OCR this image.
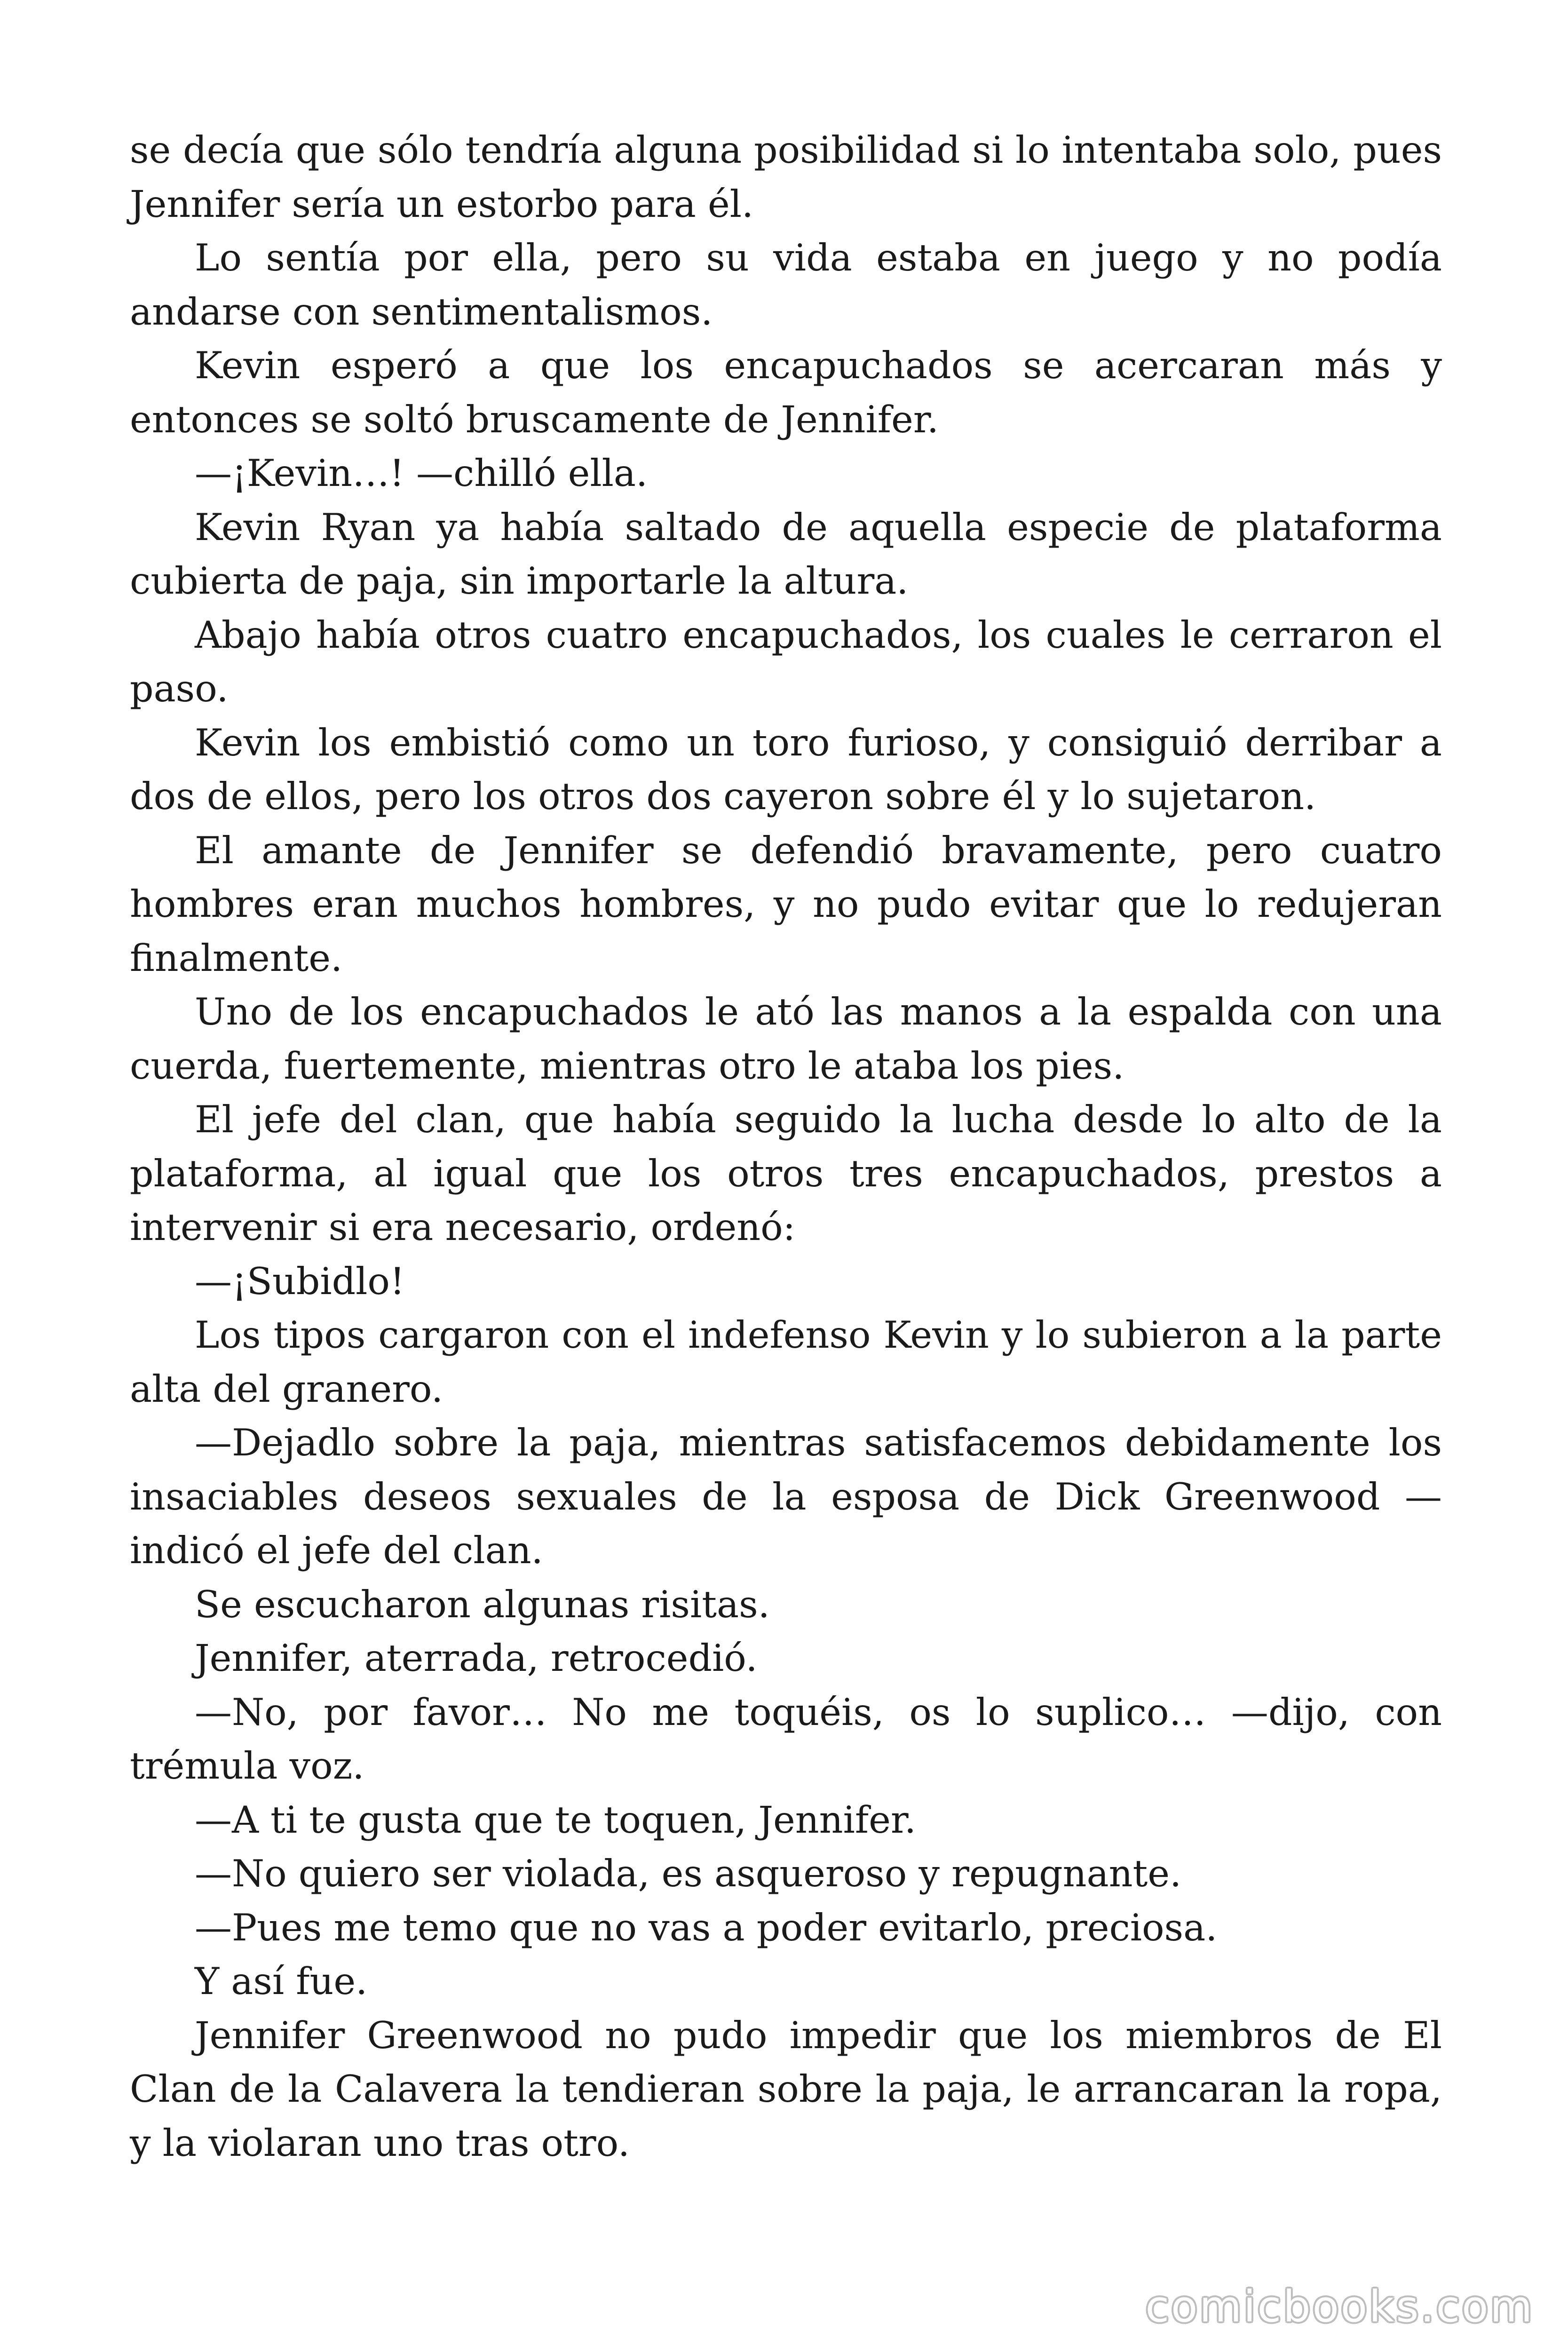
se decía que sólo tendría alguna posibilidad si lo intentaba solo, pues Jennifer sería un estorbo para él.

Lo sentía por ella, pero su vida estaba en juego y no podía andarse con sentimentalismos.

Kevin esperó a que los encapuchados se acercaran más y entonces se soltó bruscamente de Jennifer.

—¡Kevin…! —chilló ella.

Kevin Ryan ya había saltado de aquella especie de plataforma cubierta de paja, sin importarle la altura.

Abajo había otros cuatro encapuchados, los cuales le cerraron el paso.

Kevin los embistió como un toro furioso, y consiguió derribar a dos de ellos, pero los otros dos cayeron sobre él y lo sujetaron.

El amante de Jennifer se defendió bravamente, pero cuatro hombres eran muchos hombres, y no pudo evitar que lo redujeran finalmente.

Uno de los encapuchados le ató las manos a la espalda con una cuerda, fuertemente, mientras otro le ataba los pies.

El jefe del clan, que había seguido la lucha desde lo alto de la plataforma, al igual que los otros tres encapuchados, prestos a intervenir si era necesario, ordenó:

—¡Subidlo!

Los tipos cargaron con el indefenso Kevin y lo subieron a la parte alta del granero.

—Dejadlo sobre la paja, mientras satisfacemos debidamente los insaciables deseos sexuales de la esposa de Dick Greenwood — indicó el jefe del clan.

Se escucharon algunas risitas.

Jennifer, aterrada, retrocedió.

—No, por favor… No me toquéis, os lo suplico… —dijo, con trémula voz.

—A ti te gusta que te toquen, Jennifer.

—No quiero ser violada, es asqueroso y repugnante.

—Pues me temo que no vas a poder evitarlo, preciosa.

Y así fue.

Jennifer Greenwood no pudo impedir que los miembros de El Clan de la Calavera la tendieran sobre la paja, le arrancaran la ropa, y la violaran uno tras otro.

comicbooks.com
